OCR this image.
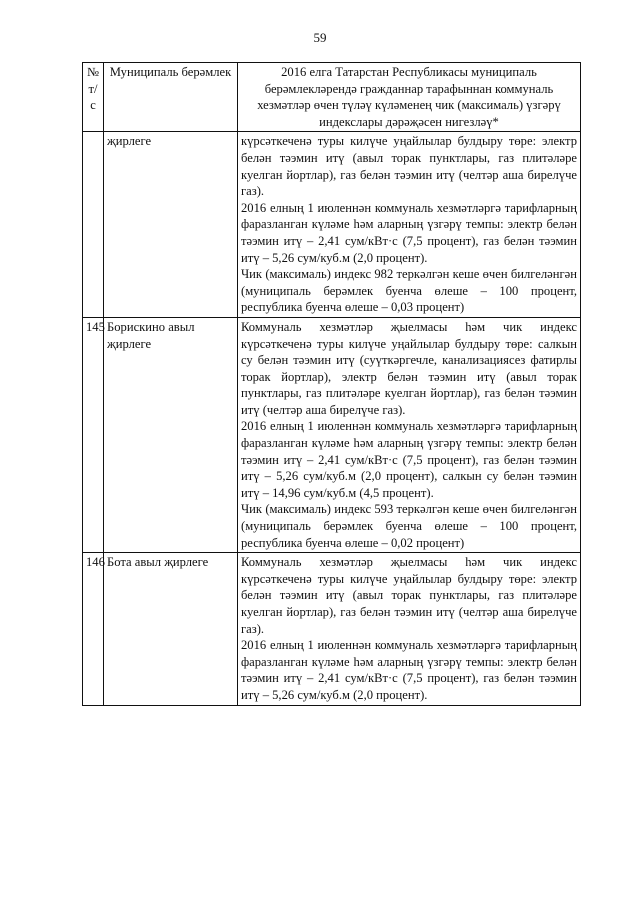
59
№ т/с	Муниципаль берәмлек	2016 елга Татарстан Республикасы муниципаль берәмлекләрендә гражданнар тарафыннан коммуналь хезмәтләр өчен түләү күләменең чик (максималь) үзгәрү индекслары дәрәҗәсен нигезләү*
	җирлеге	күрсәткеченә туры килүче уңайлылар булдыру төре: электр белән тәэмин итү (авыл торак пунктлары, газ плитәләре куелган йортлар), газ белән тәэмин итү (челтәр аша бирелүче газ).

2016 елның 1 июленнән коммуналь хезмәтләргә тарифларның фаразланган күләме һәм аларның үзгәрү темпы: электр белән тәэмин итү – 2,41 сум/кВт·с (7,5 процент), газ белән тәэмин итү – 5,26 сум/куб.м (2,0 процент).

Чик (максималь) индекс 982 теркәлгән кеше өчен билгеләнгән (муниципаль берәмлек буенча өлеше – 100 процент, республика буенча өлеше – 0,03 процент)

145	Борискино авыл җирлеге	Коммуналь хезмәтләр җыелмасы һәм чик индекс күрсәткеченә туры килүче уңайлылар булдыру төре: салкын су белән тәэмин итү (суүткәргечле, канализациясез фатирлы торак йортлар), электр белән тәэмин итү (авыл торак пунктлары, газ плитәләре куелган йортлар), газ белән тәэмин итү (челтәр аша бирелүче газ).

2016 елның 1 июленнән коммуналь хезмәтләргә тарифларның фаразланган күләме һәм аларның үзгәрү темпы: электр белән тәэмин итү – 2,41 сум/кВт·с (7,5 процент), газ белән тәэмин итү – 5,26 сум/куб.м (2,0 процент), салкын су белән тәэмин итү – 14,96 сум/куб.м (4,5 процент).

Чик (максималь) индекс 593 теркәлгән кеше өчен билгеләнгән (муниципаль берәмлек буенча өлеше – 100 процент, республика буенча өлеше – 0,02 процент)

146	Бота авыл җирлеге	Коммуналь хезмәтләр җыелмасы һәм чик индекс күрсәткеченә туры килүче уңайлылар булдыру төре: электр белән тәэмин итү (авыл торак пунктлары, газ плитәләре куелган йортлар), газ белән тәэмин итү (челтәр аша бирелүче газ).

2016 елның 1 июленнән коммуналь хезмәтләргә тарифларның фаразланган күләме һәм аларның үзгәрү темпы: электр белән тәэмин итү – 2,41 сум/кВт·с (7,5 процент), газ белән тәэмин итү – 5,26 сум/куб.м (2,0 процент).
